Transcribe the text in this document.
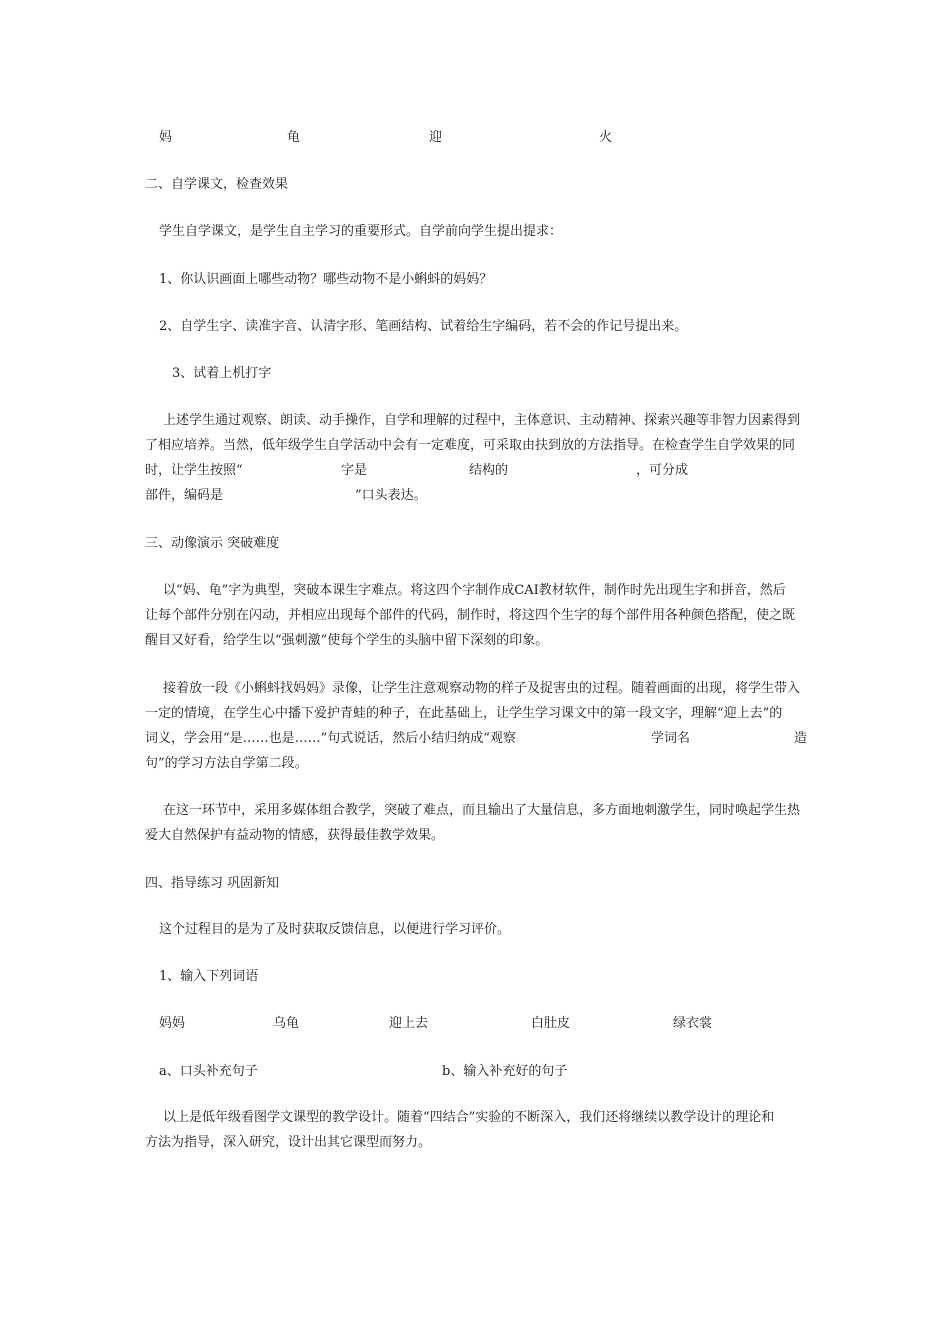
妈	龟	迎	火
二、自学课文，检查效果
学生自学课文，是学生自主学习的重要形式。自学前向学生提出提求：
1、你认识画面上哪些动物？哪些动物不是小蝌蚪的妈妈？
2、自学生字、读准字音、认清字形、笔画结构、试着给生字编码，若不会的作记号提出来。
3、试着上机打字
上述学生通过观察、朗读、动手操作，自学和理解的过程中，主体意识、主动精神、探索兴趣等非智力因素得到
了相应培养。当然，低年级学生自学活动中会有一定难度，可采取由扶到放的方法指导。在检查学生自学效果的同
时，让学生按照“	字是	结构的	，可分成
部件，编码是	”口头表达。
三、动像演示 突破难度
以“妈、龟”字为典型，突破本课生字难点。将这四个字制作成CAI教材软件，制作时先出现生字和拼音，然后
让每个部件分别在闪动，并相应出现每个部件的代码，制作时，将这四个生字的每个部件用各种颜色搭配，使之既
醒目又好看，给学生以“强刺激”使每个学生的头脑中留下深刻的印象。
接着放一段《小蝌蚪找妈妈》录像，让学生注意观察动物的样子及捉害虫的过程。随着画面的出现，将学生带入
一定的情境，在学生心中播下爱护青蛙的种子，在此基础上，让学生学习课文中的第一段文字，理解“迎上去”的
词义，学会用“是……也是……”句式说话，然后小结归纳成“观察	学词名	造
句”的学习方法自学第二段。
在这一环节中，采用多媒体组合教学，突破了难点，而且输出了大量信息，多方面地刺激学生，同时唤起学生热
爱大自然保护有益动物的情感，获得最佳教学效果。
四、指导练习 巩固新知
这个过程目的是为了及时获取反馈信息，以便进行学习评价。
1、输入下列词语
妈妈	乌龟	迎上去	白肚皮	绿衣裳
a、口头补充句子	b、输入补充好的句子
以上是低年级看图学文课型的教学设计。随着“四结合”实验的不断深入，我们还将继续以教学设计的理论和
方法为指导，深入研究，设计出其它课型而努力。
